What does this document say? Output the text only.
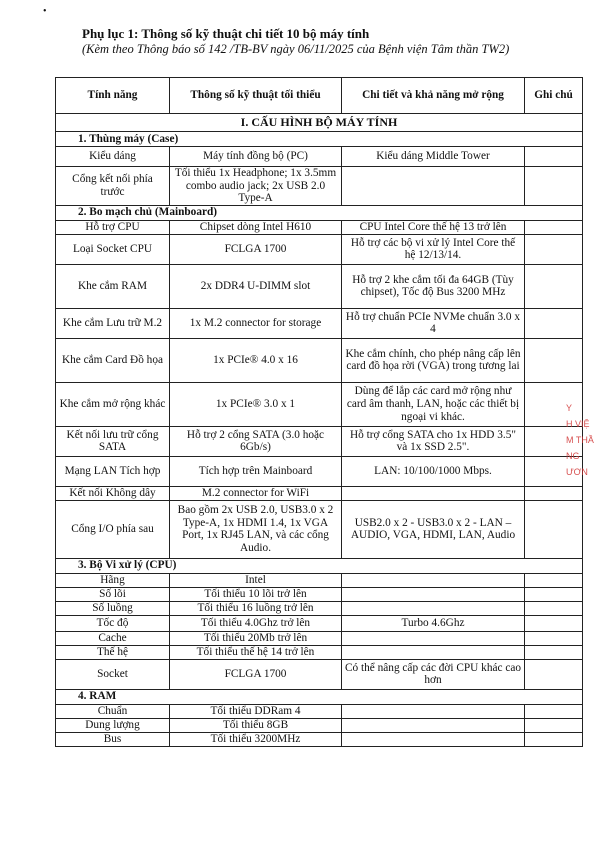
•
Phụ lục 1: Thông số kỹ thuật chi tiết 10 bộ máy tính
(Kèm theo Thông báo số 142 /TB-BV ngày 06/11/2025 của Bệnh viện Tâm thần TW2)
Tính năng	Thông số kỹ thuật tối thiểu	Chi tiết và khả năng mở rộng	Ghi chú
I. CẤU HÌNH BỘ MÁY TÍNH			
1. Thùng máy (Case)			
Kiểu dáng	Máy tính đồng bộ (PC)	Kiểu dáng Middle Tower	
Cổng kết nối phía trước	Tối thiểu 1x Headphone; 1x 3.5mm combo audio jack; 2x USB 2.0 Type-A		
2. Bo mạch chủ (Mainboard)			
Hỗ trợ CPU	Chipset dòng Intel H610	CPU Intel Core thế hệ 13 trở lên	
Loại Socket CPU	FCLGA 1700	Hỗ trợ các bộ vi xử lý Intel Core thế hệ 12/13/14.	
Khe cắm RAM	2x DDR4 U-DIMM slot	Hỗ trợ 2 khe cắm tối đa 64GB (Tùy chipset), Tốc độ Bus 3200 MHz	
Khe cắm Lưu trữ M.2	1x M.2 connector for storage	Hỗ trợ chuẩn PCIe NVMe chuẩn 3.0 x 4	
Khe cắm Card Đồ họa	1x PCIe® 4.0 x 16	Khe cắm chính, cho phép nâng cấp lên card đồ họa rời (VGA) trong tương lai	
Khe cắm mở rộng khác	1x PCIe® 3.0 x 1	Dùng để lắp các card mở rộng như card âm thanh, LAN, hoặc các thiết bị ngoại vi khác.	
Kết nối lưu trữ cổng SATA	Hỗ trợ 2 cổng SATA (3.0 hoặc 6Gb/s)	Hỗ trợ cổng SATA cho 1x HDD 3.5" và 1x SSD 2.5".	
Mạng LAN Tích hợp	Tích hợp trên Mainboard	LAN: 10/100/1000 Mbps.	
Kết nối Không dây	M.2 connector for WiFi		
Cổng I/O phía sau	Bao gồm 2x USB 2.0, USB3.0 x 2 Type-A, 1x HDMI 1.4, 1x VGA Port, 1x RJ45 LAN, và các cổng Audio.	USB2.0 x 2 - USB3.0 x 2 - LAN – AUDIO, VGA, HDMI, LAN, Audio	
3. Bộ Vi xử lý (CPU)			
Hãng	Intel		
Số lõi	Tối thiểu 10 lõi trở lên		
Số luồng	Tối thiểu 16 luồng trở lên		
Tốc độ	Tối thiểu 4.0Ghz trở lên	Turbo 4.6Ghz	
Cache	Tối thiểu 20Mb trở lên		
Thế hệ	Tối thiểu thế hệ 14 trở lên		
Socket	FCLGA 1700	Có thể nâng cấp các đời CPU khác cao hơn	
4. RAM			
Chuẩn	Tối thiểu DDRam 4		
Dung lượng	Tối thiểu 8GB		
Bus	Tối thiểu 3200MHz		
Y
H VIỆ
M THẦ
NG ƯƠN
